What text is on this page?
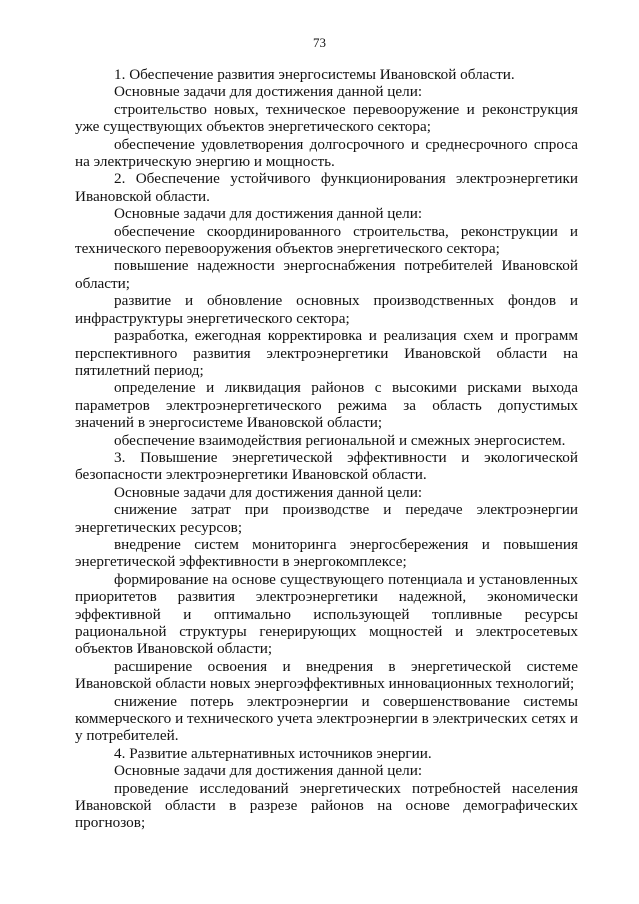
73

1. Обеспечение развития энергосистемы Ивановской области.

Основные задачи для достижения данной цели:

строительство новых, техническое перевооружение и реконструкция уже существующих объектов энергетического сектора;

обеспечение удовлетворения долгосрочного и среднесрочного спроса на электрическую энергию и мощность.

2. Обеспечение устойчивого функционирования электроэнергетики Ивановской области.

Основные задачи для достижения данной цели:

обеспечение скоординированного строительства, реконструкции и технического перевооружения объектов энергетического сектора;

повышение надежности энергоснабжения потребителей Ивановской области;

развитие и обновление основных производственных фондов и инфраструктуры энергетического сектора;

разработка, ежегодная корректировка и реализация схем и программ перспективного развития электроэнергетики Ивановской области на пятилетний период;

определение и ликвидация районов с высокими рисками выхода параметров электроэнергетического режима за область допустимых значений в энергосистеме Ивановской области;

обеспечение взаимодействия региональной и смежных энергосистем.

3. Повышение энергетической эффективности и экологической безопасности электроэнергетики Ивановской области.

Основные задачи для достижения данной цели:

снижение затрат при производстве и передаче электроэнергии энергетических ресурсов;

внедрение систем мониторинга энергосбережения и повышения энергетической эффективности в энергокомплексе;

формирование на основе существующего потенциала и установленных приоритетов развития электроэнергетики надежной, экономически эффективной и оптимально использующей топливные ресурсы рациональной структуры генерирующих мощностей и электросетевых объектов Ивановской области;

расширение освоения и внедрения в энергетической системе Ивановской области новых энергоэффективных инновационных технологий;

снижение потерь электроэнергии и совершенствование системы коммерческого и технического учета электроэнергии в электрических сетях и у потребителей.

4. Развитие альтернативных источников энергии.

Основные задачи для достижения данной цели:

проведение исследований энергетических потребностей населения Ивановской области в разрезе районов на основе демографических прогнозов;
